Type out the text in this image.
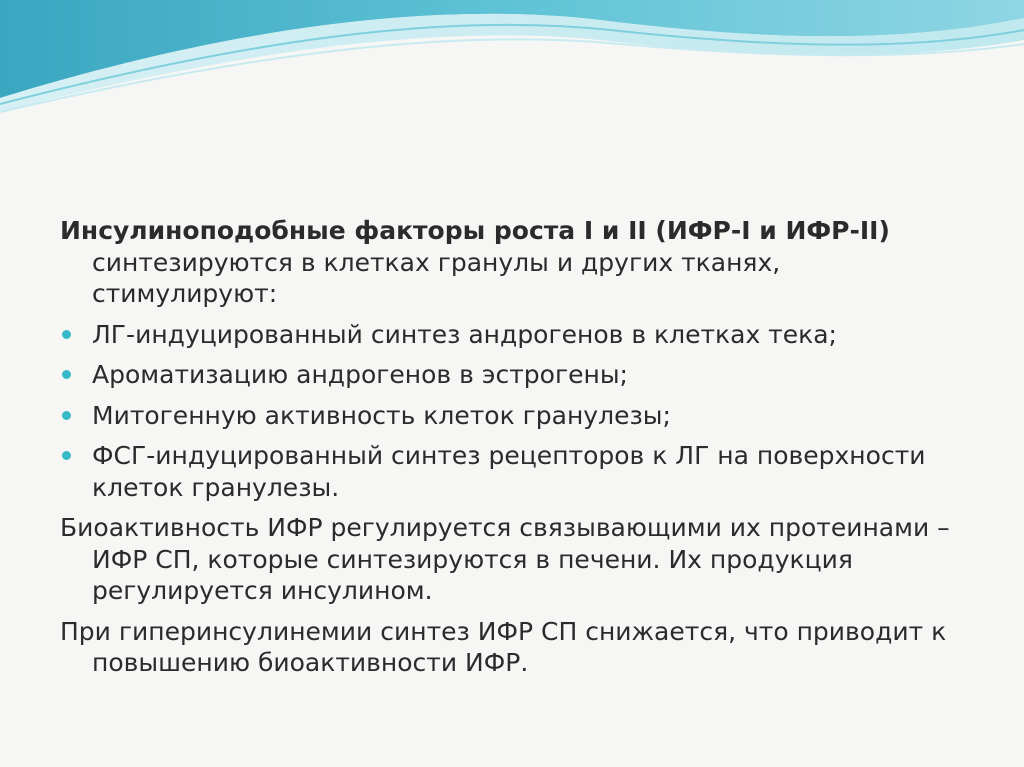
Инсулиноподобные факторы роста I и II (ИФР-I и ИФР-II) синтезируются в клетках гранулы и других тканях, стимулируют:
ЛГ-индуцированный синтез андрогенов в клетках тека;
Ароматизацию андрогенов в эстрогены;
Митогенную активность клеток гранулезы;
ФСГ-индуцированный синтез рецепторов к ЛГ на поверхности клеток гранулезы.
Биоактивность ИФР регулируется связывающими их протеинами – ИФР СП, которые синтезируются в печени. Их продукция регулируется инсулином.
При гиперинсулинемии синтез ИФР СП снижается, что приводит к повышению биоактивности ИФР.
